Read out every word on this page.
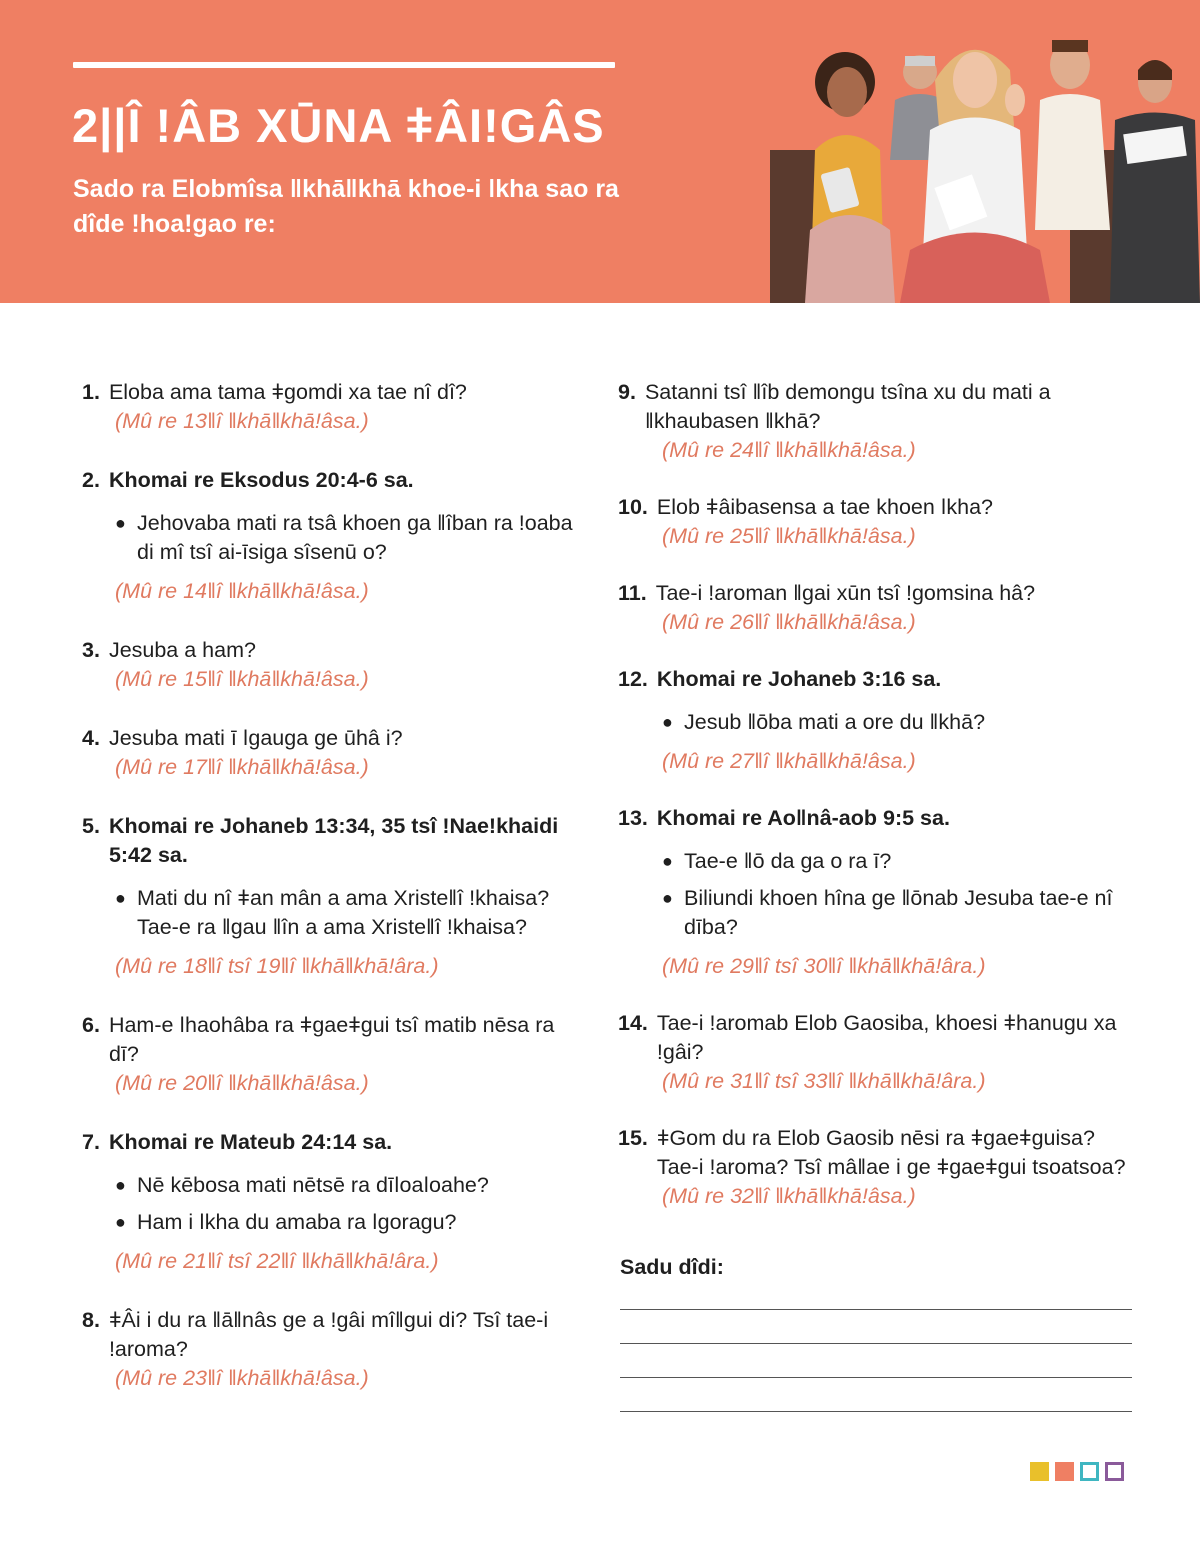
2||Î !ÂB XŪNA ǂÂI!GÂS

Sado ra Elobmîsa ǁkhāǁkhā khoe-i ǀkha sao ra dîde ǃhoaǃgao re:

1. Eloba ama tama ǂgomdi xa tae nî dî?
(Mû re 13ǁî ǁkhāǁkhāǃâsa.)
2. Khomai re Eksodus 20:4-6 sa.
● Jehovaba mati ra tsâ khoen ga ǁîban ra ǃoaba di mî tsî ai-īsiga sîsenū o?
(Mû re 14ǁî ǁkhāǁkhāǃâsa.)
3. Jesuba a ham?
(Mû re 15ǁî ǁkhāǁkhāǃâsa.)
4. Jesuba mati ī ǀgauga ge ūhâ i?
(Mû re 17ǁî ǁkhāǁkhāǃâsa.)
5. Khomai re Johaneb 13:34, 35 tsî ǃNaeǃkhaidi 5:42 sa.
● Mati du nî ǂan mân a ama Xristeǁî ǃkhaisa? Tae-e ra ǁgau ǁîn a ama Xristeǁî ǃkhaisa?
(Mû re 18ǁî tsî 19ǁî ǁkhāǁkhāǃâra.)
6. Ham-e ǀhaohâba ra ǂgaeǂgui tsî matib nēsa ra dī?
(Mû re 20ǁî ǁkhāǁkhāǃâsa.)
7. Khomai re Mateub 24:14 sa.
● Nē kēbosa mati nētsē ra dīǀoaǀoahe?
● Ham i ǀkha du amaba ra ǀgoragu?
(Mû re 21ǁî tsî 22ǁî ǁkhāǁkhāǃâra.)
8. ǂÂi i du ra ǁāǁnâs ge a ǃgâi mîǁgui di? Tsî tae-i ǃaroma?
(Mû re 23ǁî ǁkhāǁkhāǃâsa.)
9. Satanni tsî ǁîb demongu tsîna xu du mati a ǁkhaubasen ǁkhā?
(Mû re 24ǁî ǁkhāǁkhāǃâsa.)
10. Elob ǂâibasensa a tae khoen ǀkha?
(Mû re 25ǁî ǁkhāǁkhāǃâsa.)
11. Tae-i ǃaroman ǁgai xūn tsî ǃgomsina hâ?
(Mû re 26ǁî ǁkhāǁkhāǃâsa.)
12. Khomai re Johaneb 3:16 sa.
● Jesub ǁōba mati a ore du ǁkhā?
(Mû re 27ǁî ǁkhāǁkhāǃâsa.)
13. Khomai re Aoǁnâ-aob 9:5 sa.
● Tae-e ǁō da ga o ra ī?
● Biliundi khoen hîna ge ǁōnab Jesuba tae-e nî dība?
(Mû re 29ǁî tsî 30ǁî ǁkhāǁkhāǃâra.)
14. Tae-i ǃaromab Elob Gaosiba, khoesi ǂhanugu xa ǃgâi?
(Mû re 31ǁî tsî 33ǁî ǁkhāǁkhāǃâra.)
15. ǂGom du ra Elob Gaosib nēsi ra ǂgaeǂguisa? Tae-i ǃaroma? Tsî mâǁae i ge ǂgaeǂgui tsoatsoa?
(Mû re 32ǁî ǁkhāǁkhāǃâsa.)
Sadu dîdi:
